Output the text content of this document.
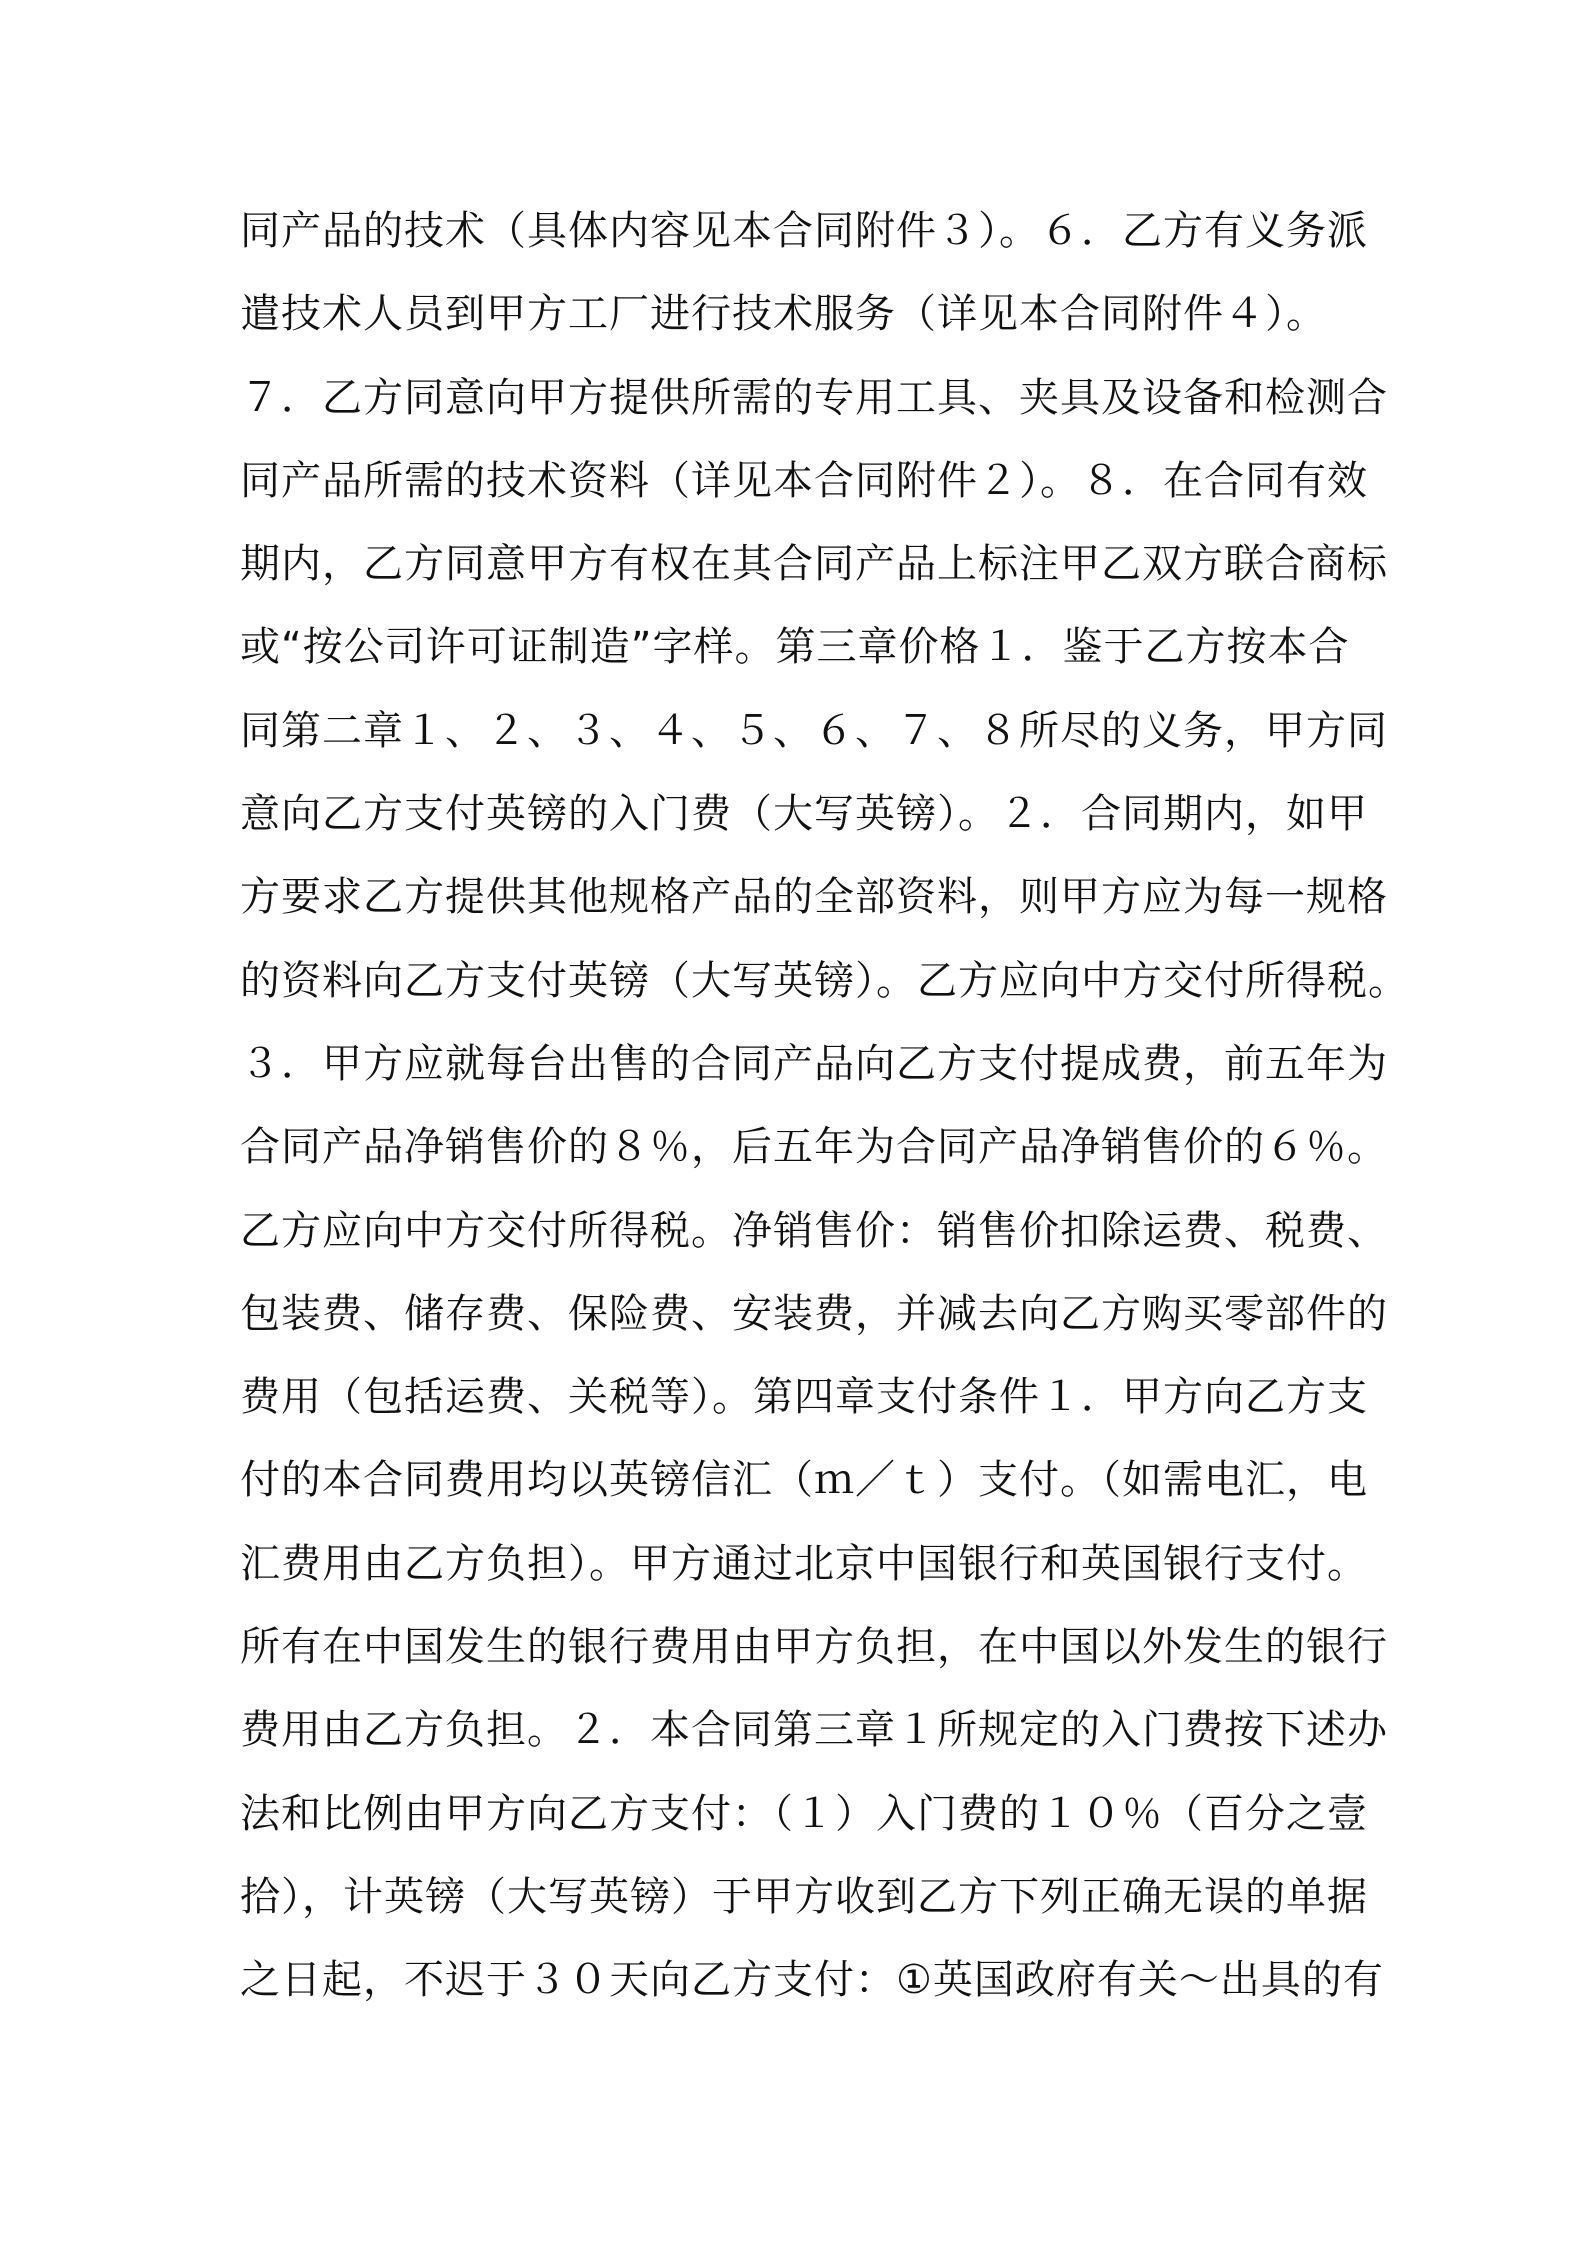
同产品的技术（具体内容见本合同附件３）。６．乙方有义务派
遣技术人员到甲方工厂进行技术服务（详见本合同附件４）。
７．乙方同意向甲方提供所需的专用工具、夹具及设备和检测合
同产品所需的技术资料（详见本合同附件２）。８．在合同有效
期内，乙方同意甲方有权在其合同产品上标注甲乙双方联合商标
或“按公司许可证制造”字样。第三章价格１．鉴于乙方按本合
同第二章１、２、３、４、５、６、７、８所尽的义务，甲方同
意向乙方支付英镑的入门费（大写英镑）。２．合同期内，如甲
方要求乙方提供其他规格产品的全部资料，则甲方应为每一规格
的资料向乙方支付英镑（大写英镑）。乙方应向中方交付所得税。
３．甲方应就每台出售的合同产品向乙方支付提成费，前五年为
合同产品净销售价的８％，后五年为合同产品净销售价的６％。
乙方应向中方交付所得税。净销售价：销售价扣除运费、税费、
包装费、储存费、保险费、安装费，并减去向乙方购买零部件的
费用（包括运费、关税等）。第四章支付条件１．甲方向乙方支
付的本合同费用均以英镑信汇（ｍ／ｔ）支付。（如需电汇，电
汇费用由乙方负担）。甲方通过北京中国银行和英国银行支付。
所有在中国发生的银行费用由甲方负担，在中国以外发生的银行
费用由乙方负担。２．本合同第三章１所规定的入门费按下述办
法和比例由甲方向乙方支付：（１）入门费的１０％（百分之壹
拾），计英镑（大写英镑）于甲方收到乙方下列正确无误的单据
之日起，不迟于３０天向乙方支付：①英国政府有关～出具的有
